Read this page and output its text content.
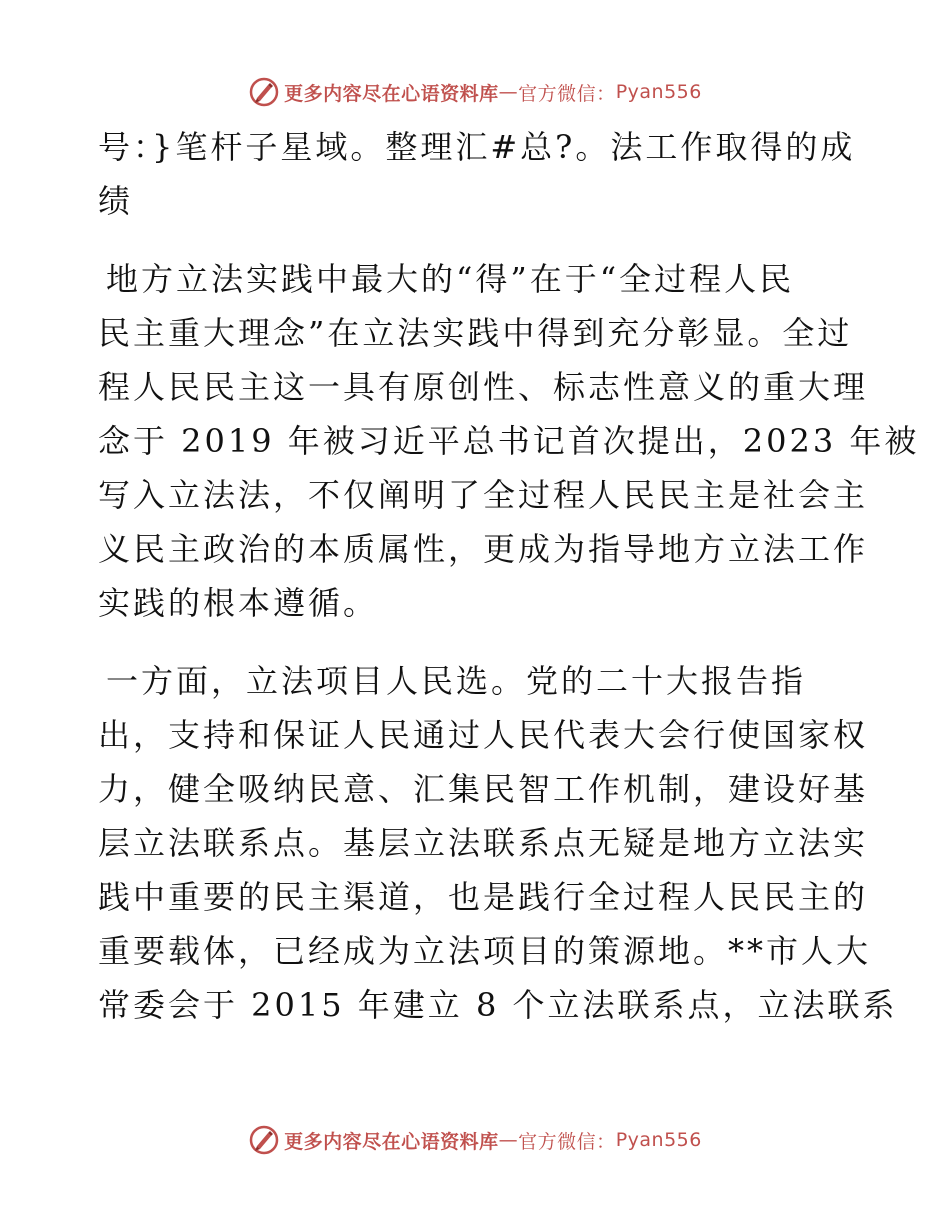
更多内容尽在心语资料库 — 官方微信： Pyan556
号：}笔杆子星域。整理汇#总?。法工作取得的成
绩
地方立法实践中最大的“得”在于“全过程人民
民主重大理念”在立法实践中得到充分彰显。全过
程人民民主这一具有原创性、标志性意义的重大理
念于 2019 年被习近平总书记首次提出，2023 年被
写入立法法，不仅阐明了全过程人民民主是社会主
义民主政治的本质属性，更成为指导地方立法工作
实践的根本遵循。
一方面，立法项目人民选。党的二十大报告指
出，支持和保证人民通过人民代表大会行使国家权
力，健全吸纳民意、汇集民智工作机制，建设好基
层立法联系点。基层立法联系点无疑是地方立法实
践中重要的民主渠道，也是践行全过程人民民主的
重要载体，已经成为立法项目的策源地。**市人大
常委会于 2015 年建立 8 个立法联系点，立法联系
更多内容尽在心语资料库 — 官方微信： Pyan556
